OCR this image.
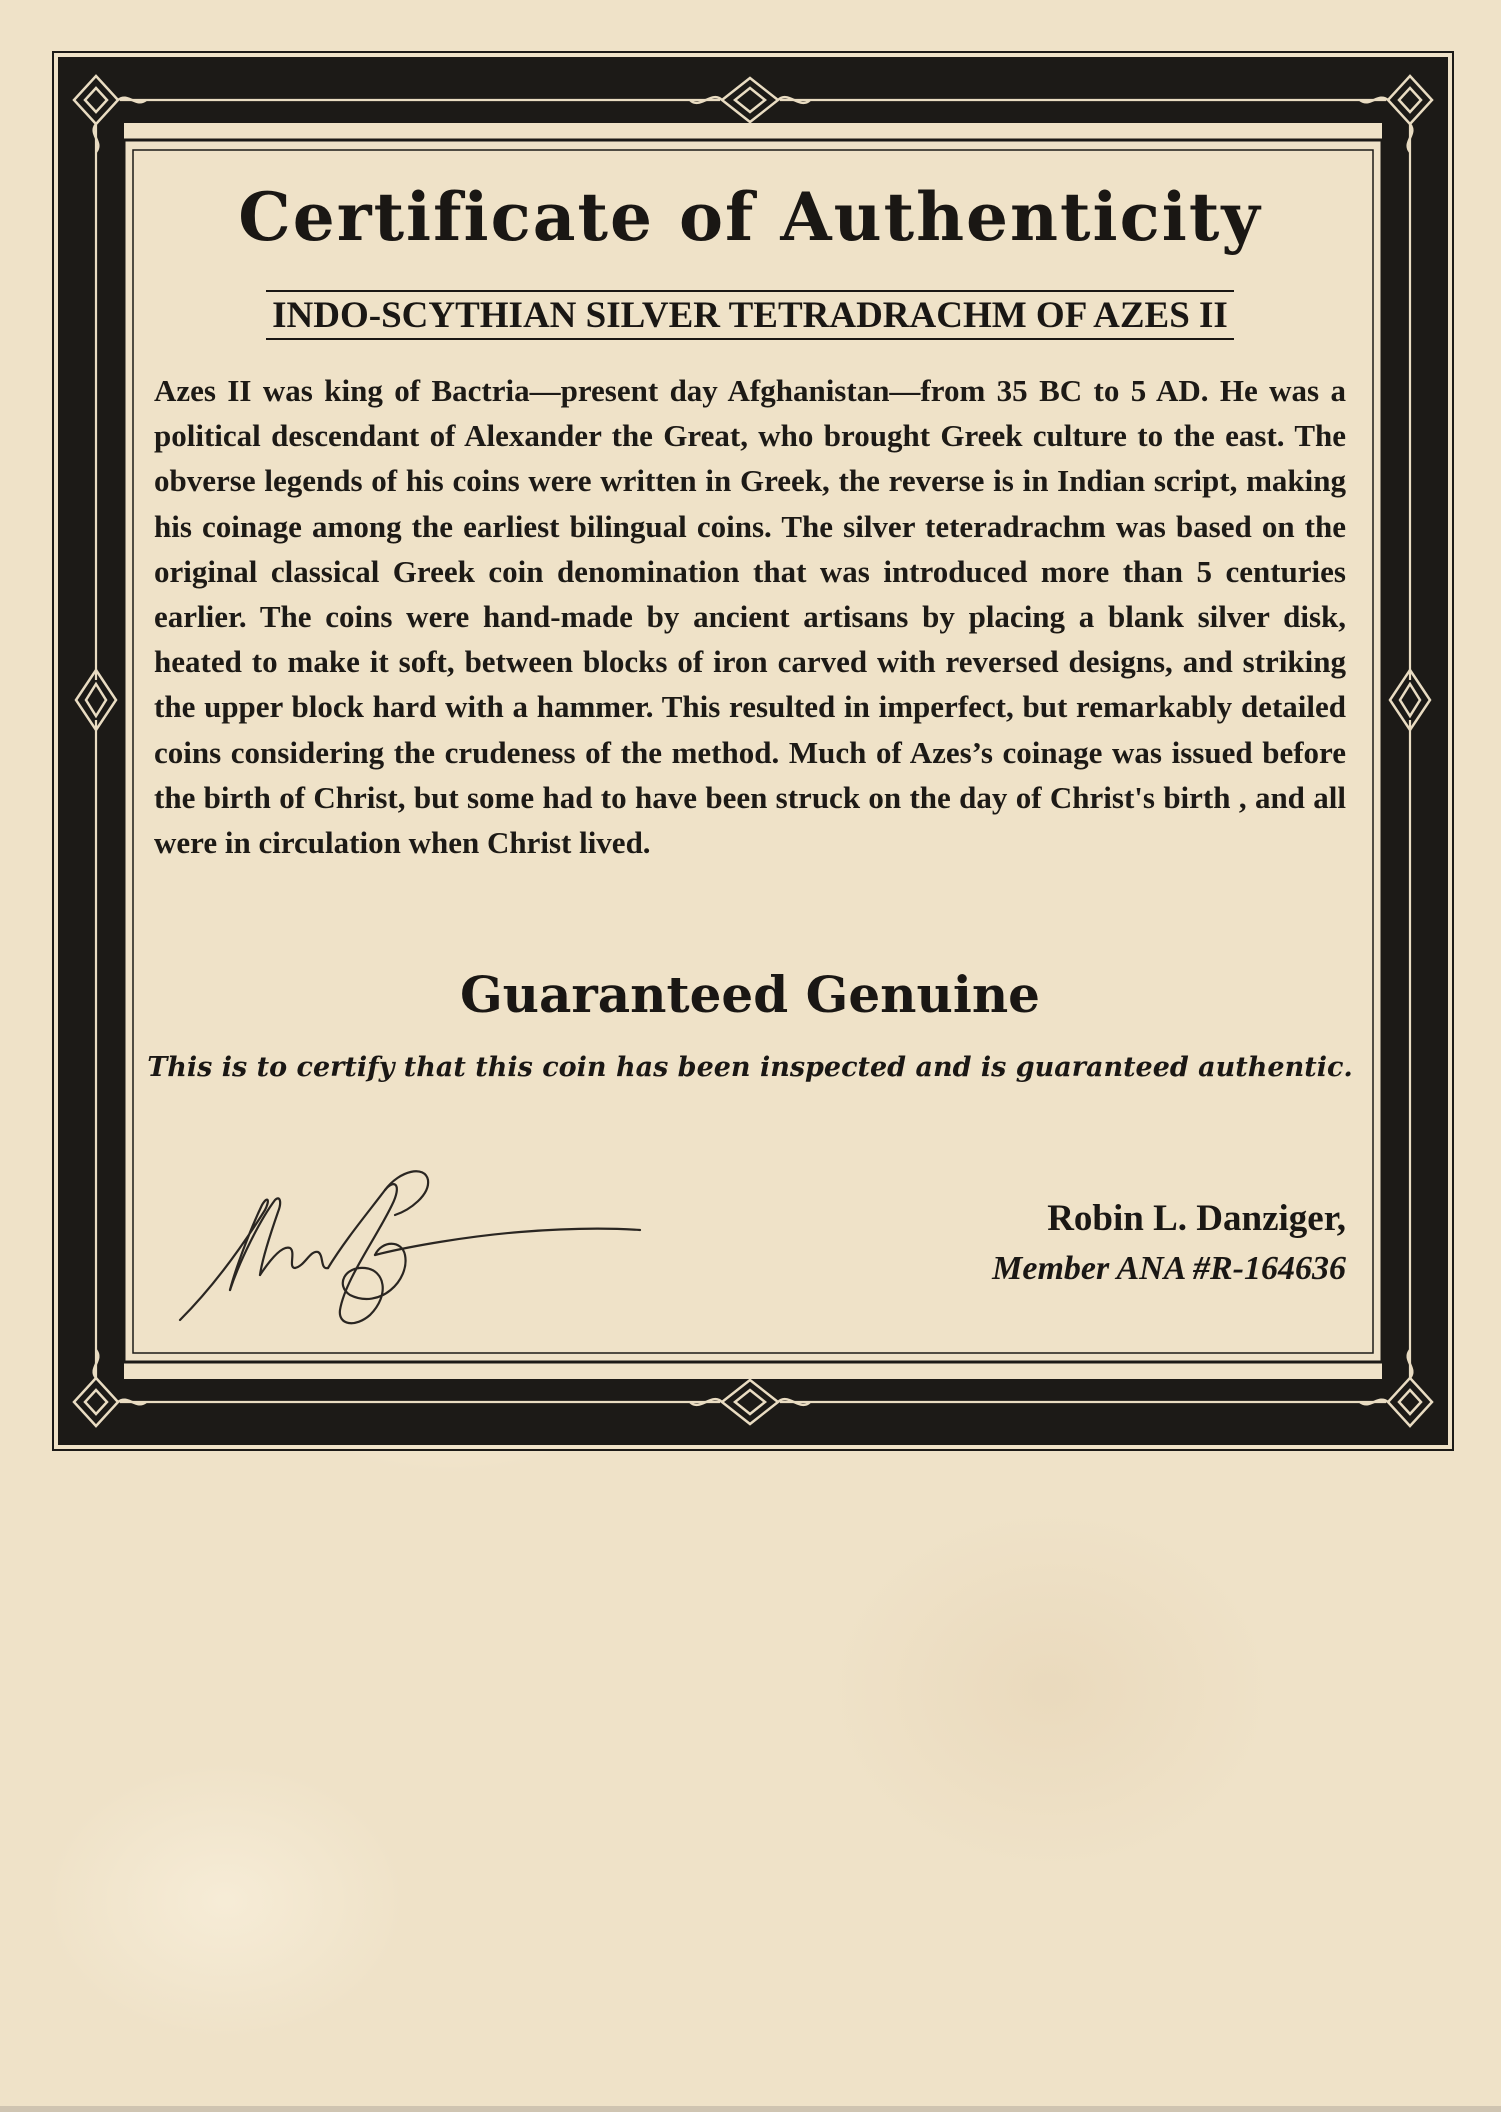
Certificate of Authenticity
INDO-SCYTHIAN SILVER TETRADRACHM OF AZES II
Azes II was king of Bactria—present day Afghanistan—from 35 BC to 5 AD. He was a political descendant of Alexander the Great, who brought Greek culture to the east. The obverse legends of his coins were written in Greek, the reverse is in Indian script, making his coinage among the earliest bilingual coins. The silver teteradrachm was based on the original classical Greek coin denomination that was introduced more than 5 centuries earlier. The coins were hand-made by ancient artisans by placing a blank silver disk, heated to make it soft, between blocks of iron carved with reversed designs, and striking the upper block hard with a hammer. This resulted in imperfect, but remarkably detailed coins considering the crudeness of the method. Much of Azes’s coinage was issued before the birth of Christ, but some had to have been struck on the day of Christ's birth , and all were in circulation when Christ lived.
Guaranteed Genuine
This is to certify that this coin has been inspected and is guaranteed authentic.
Robin L. Danziger,
Member ANA #R-164636
